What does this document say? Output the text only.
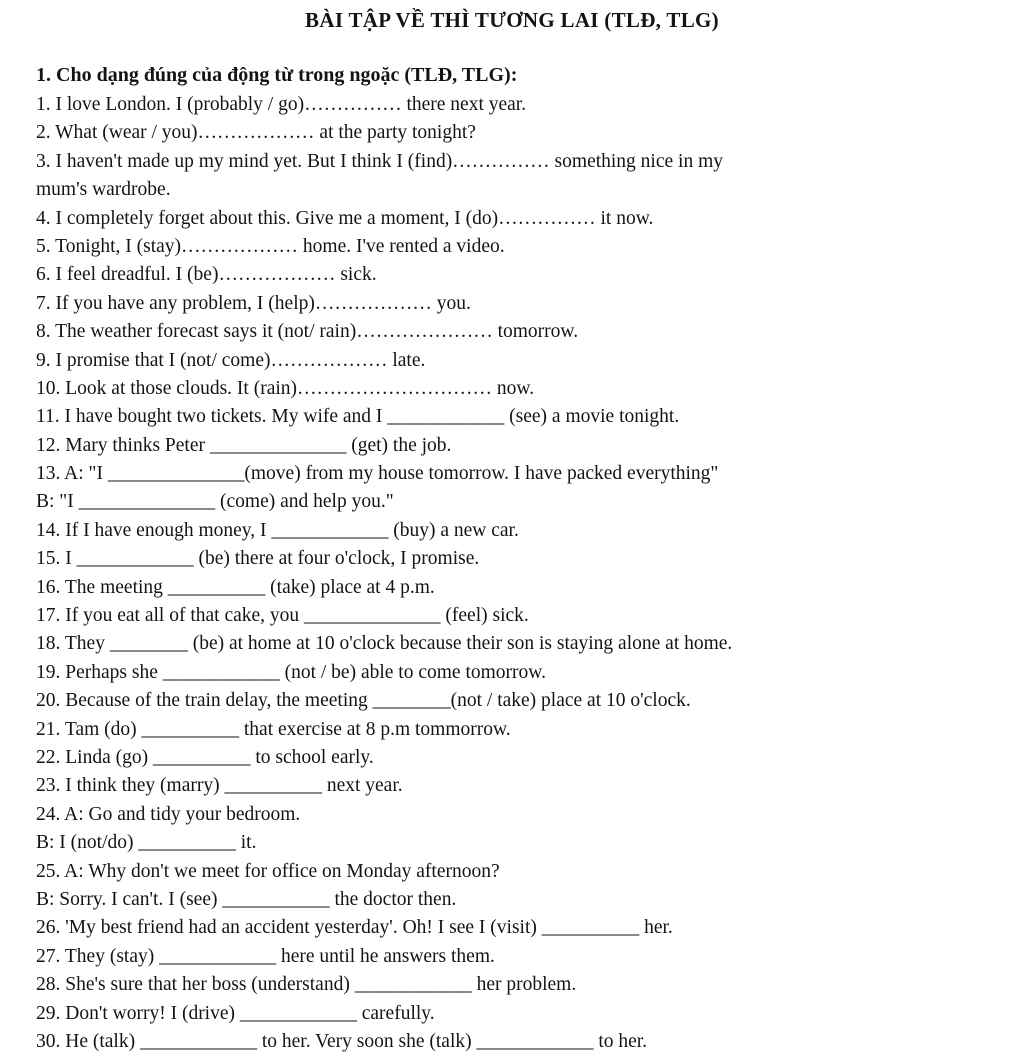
BÀI TẬP VỀ THÌ TƯƠNG LAI (TLĐ, TLG)
1. Cho dạng đúng của động từ trong ngoặc (TLĐ, TLG):
1. I love London. I (probably / go)…………… there next year.
2. What (wear / you)……………… at the party tonight?
3. I haven't made up my mind yet. But I think I (find)…………… something nice in my
mum's wardrobe.
4. I completely forget about this. Give me a moment, I (do)…………… it now.
5. Tonight, I (stay)……………… home. I've rented a video.
6. I feel dreadful. I (be)……………… sick.
7. If you have any problem, I (help)……………… you.
8. The weather forecast says it (not/ rain)………………… tomorrow.
9. I promise that I (not/ come)……………… late.
10. Look at those clouds. It (rain)………………………… now.
11. I have bought two tickets. My wife and I ____________ (see) a movie tonight.
12. Mary thinks Peter ______________ (get) the job.
13. A: "I ______________(move) from my house tomorrow. I have packed everything"
B: "I ______________ (come) and help you."
14. If I have enough money, I ____________ (buy) a new car.
15. I ____________ (be) there at four o'clock, I promise.
16. The meeting __________ (take) place at 4 p.m.
17. If you eat all of that cake, you ______________ (feel) sick.
18. They ________ (be) at home at 10 o'clock because their son is staying alone at home.
19. Perhaps she ____________ (not / be) able to come tomorrow.
20. Because of the train delay, the meeting ________(not / take) place at 10 o'clock.
21. Tam (do) __________ that exercise at 8 p.m tommorrow.
22. Linda (go) __________ to school early.
23. I think they (marry) __________ next year.
24. A: Go and tidy your bedroom.
B: I (not/do) __________ it.
25. A: Why don't we meet for office on Monday afternoon?
B: Sorry. I can't. I (see) ___________ the doctor then.
26. 'My best friend had an accident yesterday'. Oh! I see I (visit) __________ her.
27. They (stay) ____________ here until he answers them.
28. She's sure that her boss (understand) ____________ her problem.
29. Don't worry! I (drive) ____________ carefully.
30. He (talk) ____________ to her. Very soon she (talk) ____________ to her.
